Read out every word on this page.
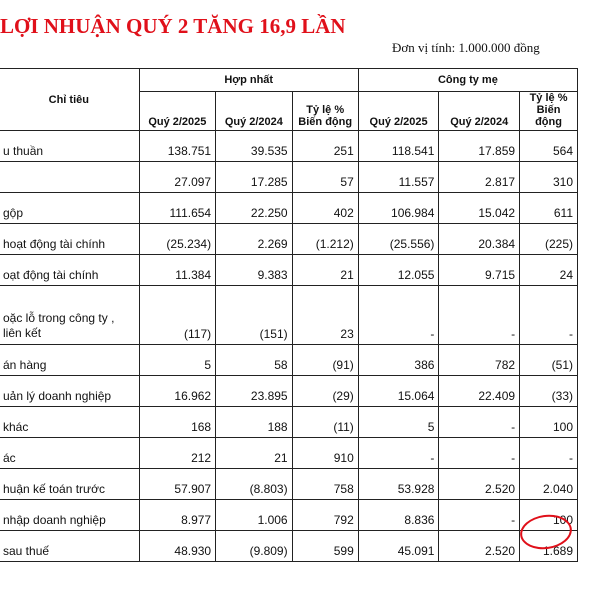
LỢI NHUẬN QUÝ 2 TĂNG 16,9 LẦN
Đơn vị tính: 1.000.000 đồng
Chỉ tiêu	Hợp nhất			Công ty mẹ		
	Quý 2/2025	Quý 2/2024	Tỷ lệ % Biến động	Quý 2/2025	Quý 2/2024	Tỷ lệ % Biến động
u thuần	138.751	39.535	251	118.541	17.859	564
	27.097	17.285	57	11.557	2.817	310
gộp	111.654	22.250	402	106.984	15.042	611
hoạt động tài chính	(25.234)	2.269	(1.212)	(25.556)	20.384	(225)
oạt động tài chính	11.384	9.383	21	12.055	9.715	24
oặc lỗ trong công ty , liên kết	(117)	(151)	23	-	-	-
án hàng	5	58	(91)	386	782	(51)
uản lý doanh nghiệp	16.962	23.895	(29)	15.064	22.409	(33)
khác	168	188	(11)	5	-	100
ác	212	21	910	-	-	-
huận kế toán trước	57.907	(8.803)	758	53.928	2.520	2.040
nhập doanh nghiệp	8.977	1.006	792	8.836	-	100
sau thuế	48.930	(9.809)	599	45.091	2.520	1.689
